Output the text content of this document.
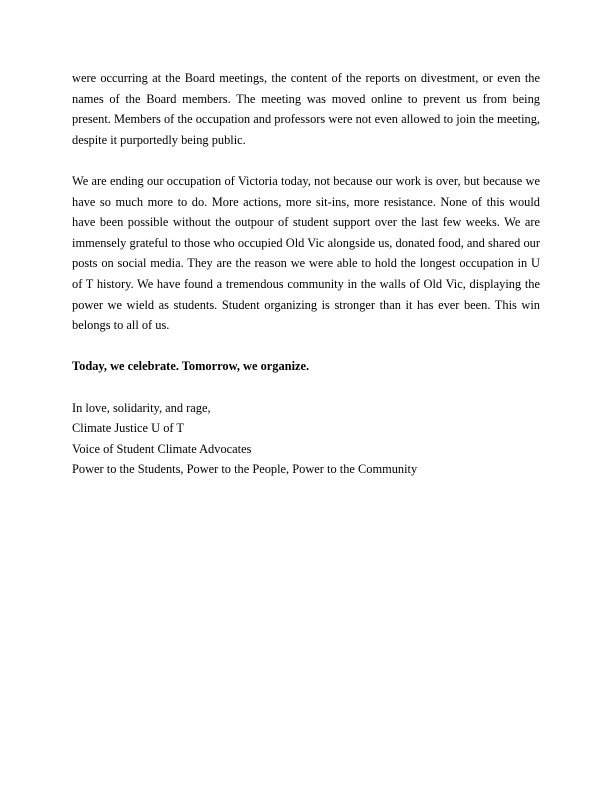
were occurring at the Board meetings, the content of the reports on divestment, or even the names of the Board members. The meeting was moved online to prevent us from being present. Members of the occupation and professors were not even allowed to join the meeting, despite it purportedly being public.

We are ending our occupation of Victoria today, not because our work is over, but because we have so much more to do. More actions, more sit-ins, more resistance. None of this would have been possible without the outpour of student support over the last few weeks. We are immensely grateful to those who occupied Old Vic alongside us, donated food, and shared our posts on social media. They are the reason we were able to hold the longest occupation in U of T history. We have found a tremendous community in the walls of Old Vic, displaying the power we wield as students. Student organizing is stronger than it has ever been. This win belongs to all of us.

Today, we celebrate. Tomorrow, we organize.

In love, solidarity, and rage,

Climate Justice U of T

Voice of Student Climate Advocates

Power to the Students, Power to the People, Power to the Community
